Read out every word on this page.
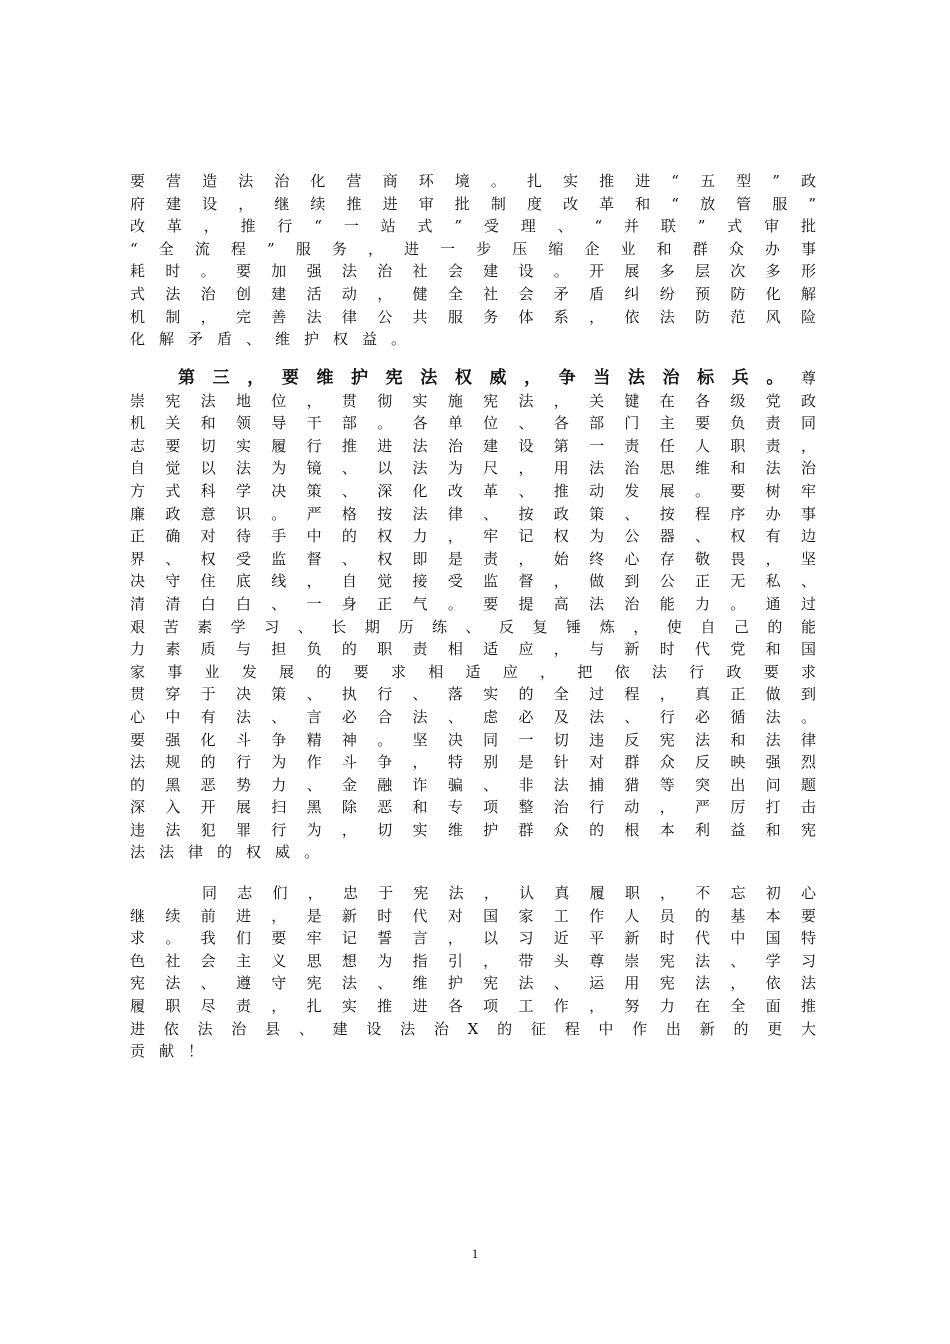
要营造法治化营商环境。扎实推进“五型”政
府建设，继续推进审批制度改革和“放管服”
改革，推行“一站式”受理、“并联”式审批
“全流程”服务，进一步压缩企业和群众办事
耗时。要加强法治社会建设。开展多层次多形
式法治创建活动，健全社会矛盾纠纷预防化解
机制，完善法律公共服务体系，依法防范风险
化解矛盾、维护权益。
第三，要维护宪法权威，争当法治标兵。尊
崇宪法地位，贯彻实施宪法，关键在各级党政
机关和领导干部。各单位、各部门主要负责同
志要切实履行推进法治建设第一责任人职责，
自觉以法为镜、以法为尺，用法治思维和法治
方式科学决策、深化改革、推动发展。要树牢
廉政意识。严格按法律、按政策、按程序办事
正确对待手中的权力，牢记权为公器、权有边
界、权受监督、权即是责，始终心存敬畏，坚
决守住底线，自觉接受监督，做到公正无私、
清清白白、一身正气。要提高法治能力。通过
艰苦素学习、长期历练、反复锤炼，使自己的能
力素质与担负的职责相适应，与新时代党和国
家事业发展的要求相适应，把依法行政要求
贯穿于决策、执行、落实的全过程，真正做到
心中有法、言必合法、虑必及法、行必循法。
要强化斗争精神。坚决同一切违反宪法和法律
法规的行为作斗争，特别是针对群众反映强烈
的黑恶势力、金融诈骗、非法捕猎等突出问题
深入开展扫黑除恶和专项整治行动，严厉打击
违法犯罪行为，切实维护群众的根本利益和宪
法法律的权威。
同志们，忠于宪法，认真履职，不忘初心
继续前进，是新时代对国家工作人员的基本要
求。我们要牢记誓言，以习近平新时代中国特
色社会主义思想为指引，带头尊崇宪法、学习
宪法、遵守宪法、维护宪法、运用宪法，依法
履职尽责，扎实推进各项工作，努力在全面推
进依法治县、建设法治X的征程中作出新的更大
贡献！
1
